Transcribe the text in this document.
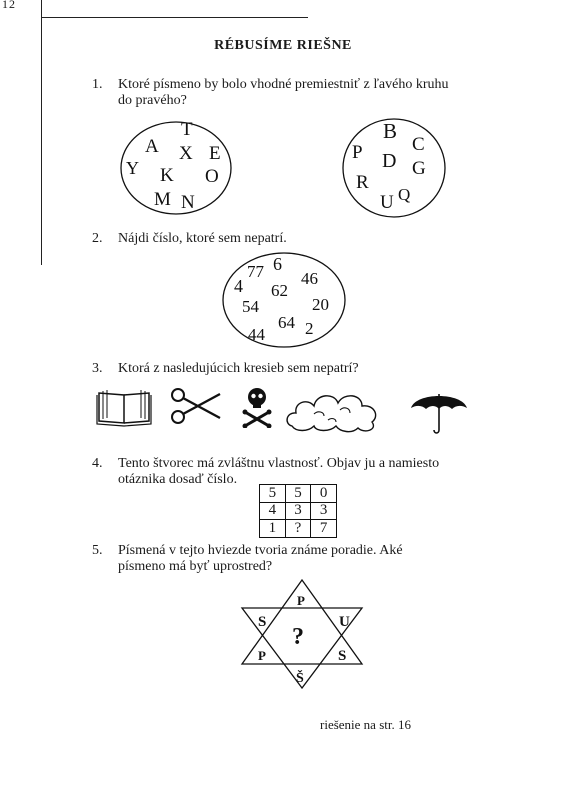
12
RÉBUSÍME RIEŠNE
1. Ktoré písmeno by bolo vhodné premiestniť z ľavého kruhu
do pravého?
T
A X E
Y K O
M N
B
C
P D G
R
U Q
2. Nájdi číslo, ktoré sem nepatrí.
6
77 46
4 62
54	20
64
44 2
3. Ktorá z nasledujúcich kresieb sem nepatrí?
4. Tento štvorec má zvláštnu vlastnosť. Objav ju a namiesto
otáznika dosaď číslo.
5	5	0
4	3	3
1	?	7
5. Písmená v tejto hviezde tvoria známe poradie. Aké
písmeno má byť uprostred?
P
S	U
P	S
Š
?
riešenie na str. 16
